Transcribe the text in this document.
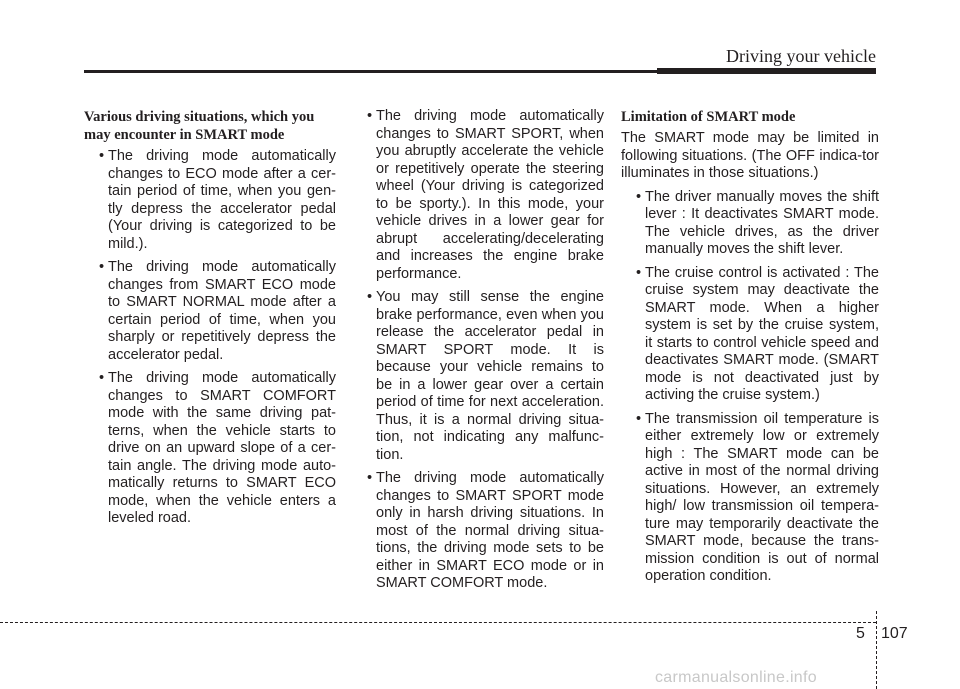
Driving your vehicle
Various driving situations, which you may encounter in SMART mode
• The driving mode automatically changes to ECO mode after a cer-tain period of time, when you gen-tly depress the accelerator pedal (Your driving is categorized to be mild.).
• The driving mode automatically changes from SMART ECO mode to SMART NORMAL mode after a certain period of time, when you sharply or repetitively depress the accelerator pedal.
• The driving mode automatically changes to SMART COMFORT mode with the same driving pat-terns, when the vehicle starts to drive on an upward slope of a cer-tain angle. The driving mode auto-matically returns to SMART ECO mode, when the vehicle enters a leveled road.
• The driving mode automatically changes to SMART SPORT, when you abruptly accelerate the vehicle or repetitively operate the steering wheel (Your driving is categorized to be sporty.). In this mode, your vehicle drives in a lower gear for abrupt accelerating/decelerating and increases the engine brake performance.
• You may still sense the engine brake performance, even when you release the accelerator pedal in SMART SPORT mode. It is because your vehicle remains to be in a lower gear over a certain period of time for next acceleration. Thus, it is a normal driving situa-tion, not indicating any malfunc-tion.
• The driving mode automatically changes to SMART SPORT mode only in harsh driving situations. In most of the normal driving situa-tions, the driving mode sets to be either in SMART ECO mode or in SMART COMFORT mode.
Limitation of SMART mode
The SMART mode may be limited in following situations. (The OFF indica-tor illuminates in those situations.)
• The driver manually moves the shift lever : It deactivates SMART mode. The vehicle drives, as the driver manually moves the shift lever.
• The cruise control is activated : The cruise system may deactivate the SMART mode. When a higher system is set by the cruise system, it starts to control vehicle speed and deactivates SMART mode. (SMART mode is not deactivated just by activing the cruise system.)
• The transmission oil temperature is either extremely low or extremely high : The SMART mode can be active in most of the normal driving situations. However, an extremely high/ low transmission oil tempera-ture may temporarily deactivate the SMART mode, because the trans-mission condition is out of normal operation condition.
5 107
carmanualsonline.info
